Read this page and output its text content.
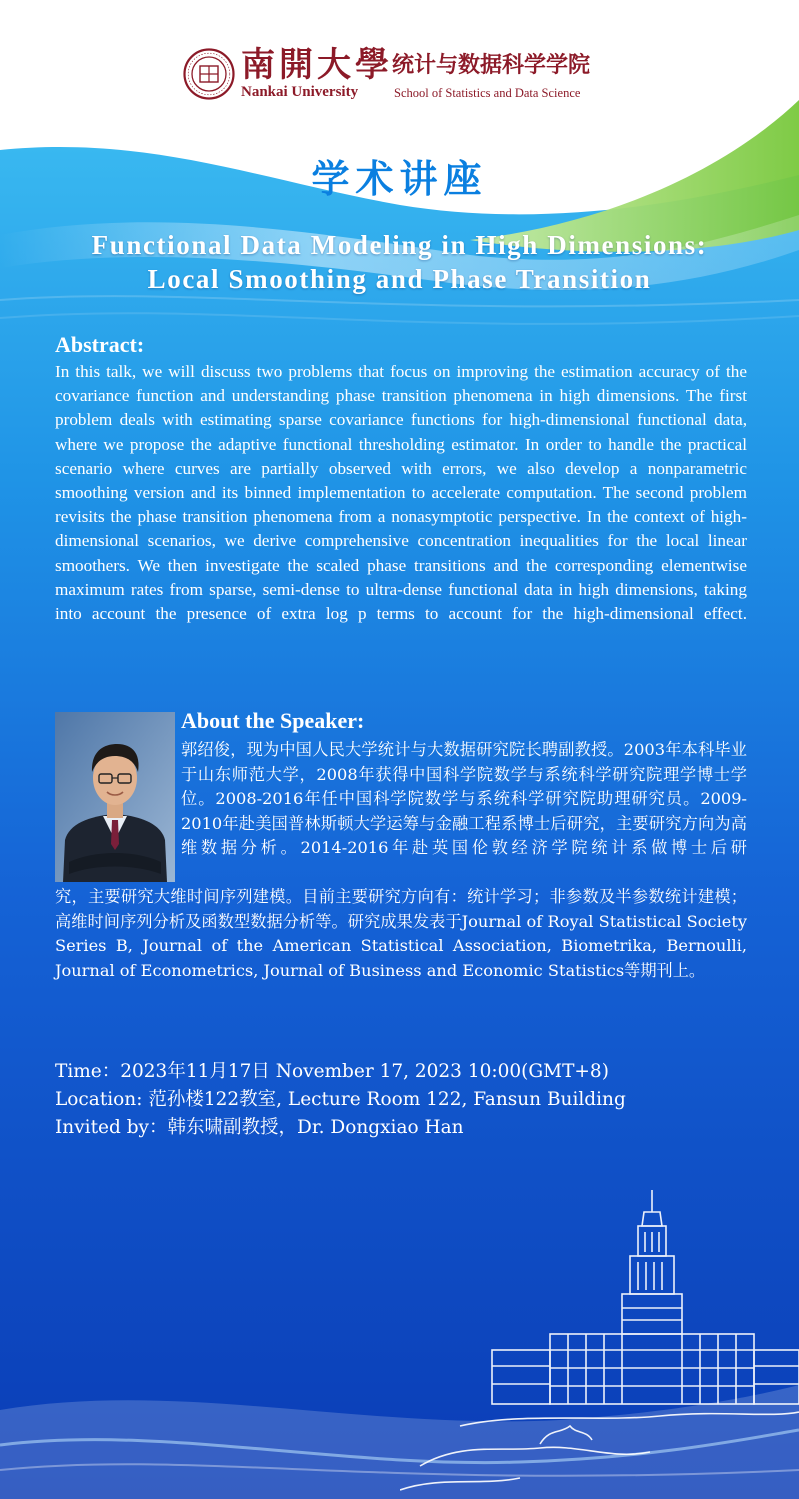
南開大學
Nankai University
统计与数据科学学院
School of Statistics and Data Science
学术讲座
Functional Data Modeling in High Dimensions:
Local Smoothing and Phase Transition
Abstract:
In this talk, we will discuss two problems that focus on improving the estimation accuracy of the covariance function and understanding phase transition phenomena in high dimensions. The first problem deals with estimating sparse covariance functions for high-dimensional functional data, where we propose the adaptive functional thresholding estimator. In order to handle the practical scenario where curves are partially observed with errors, we also develop a nonparametric smoothing version and its binned implementation to accelerate computation. The second problem revisits the phase transition phenomena from a nonasymptotic perspective. In the context of high-dimensional scenarios, we derive comprehensive concentration inequalities for the local linear smoothers. We then investigate the scaled phase transitions and the corresponding elementwise maximum rates from sparse, semi-dense to ultra-dense functional data in high dimensions, taking into account the presence of extra log p terms to account for the high-dimensional effect.
About the Speaker:
郭绍俊，现为中国人民大学统计与大数据研究院长聘副教授。2003年本科毕业于山东师范大学，2008年获得中国科学院数学与系统科学研究院理学博士学位。2008-2016年任中国科学院数学与系统科学研究院助理研究员。2009-2010年赴美国普林斯顿大学运筹与金融工程系博士后研究，主要研究方向为高维数据分析。2014-2016年赴英国伦敦经济学院统计系做博士后研
究，主要研究大维时间序列建模。目前主要研究方向有：统计学习；非参数及半参数统计建模；高维时间序列分析及函数型数据分析等。研究成果发表于Journal of Royal Statistical Society Series B, Journal of the American Statistical Association, Biometrika, Bernoulli, Journal of Econometrics, Journal of Business and Economic Statistics等期刊上。
Time：2023年11月17日 November 17, 2023 10:00(GMT+8)
Location: 范孙楼122教室, Lecture Room 122, Fansun Building
Invited by：韩东啸副教授，Dr. Dongxiao Han
